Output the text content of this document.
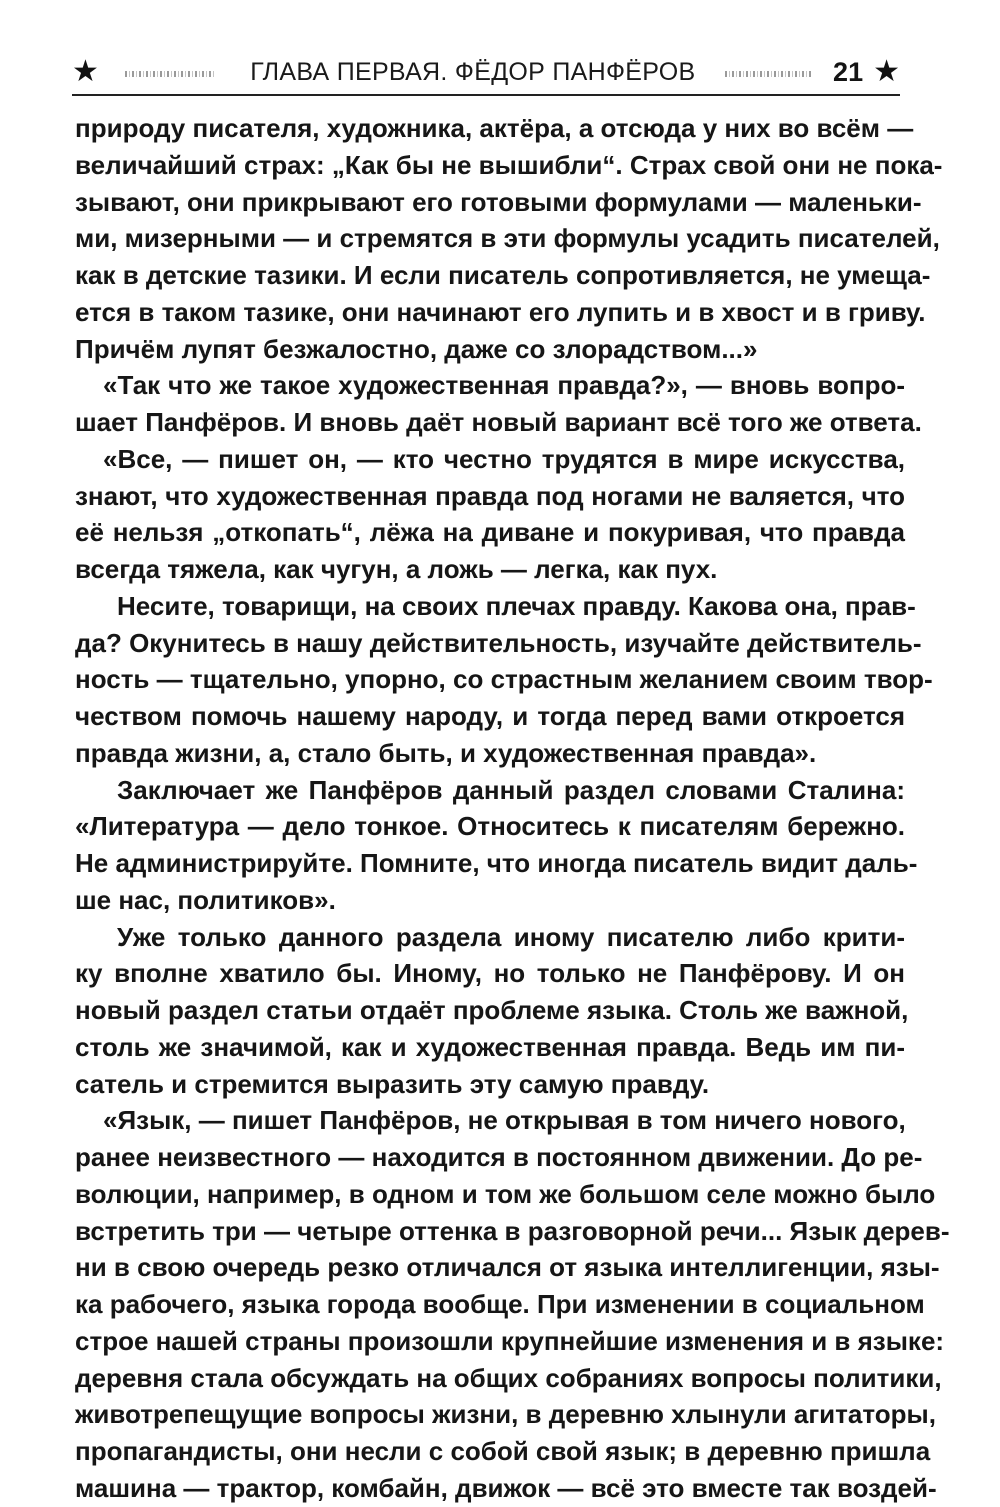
★	ГЛАВА ПЕРВАЯ. ФЁДОР ПАНФЁРОВ	21 ★
природу писателя, художника, актёра, а отсюда у них во всём —
величайший страх: „Как бы не вышибли“. Страх свой они не пока-
зывают, они прикрывают его готовыми формулами — маленьки-
ми, мизерными — и стремятся в эти формулы усадить писателей,
как в детские тазики. И если писатель сопротивляется, не умеща-
ется в таком тазике, они начинают его лупить и в хвост и в гриву.
Причём лупят безжалостно, даже со злорадством...»
«Так что же такое художественная правда?», — вновь вопро-
шает Панфёров. И вновь даёт новый вариант всё того же ответа.
«Все, — пишет он, — кто честно трудятся в мире искусства,
знают, что художественная правда под ногами не валяется, что
её нельзя „откопать“, лёжа на диване и покуривая, что правда
всегда тяжела, как чугун, а ложь — легка, как пух.
Несите, товарищи, на своих плечах правду. Какова она, прав-
да? Окунитесь в нашу действительность, изучайте действитель-
ность — тщательно, упорно, со страстным желанием своим твор-
чеством помочь нашему народу, и тогда перед вами откроется
правда жизни, а, стало быть, и художественная правда».
Заключает же Панфёров данный раздел словами Сталина:
«Литература — дело тонкое. Относитесь к писателям бережно.
Не администрируйте. Помните, что иногда писатель видит даль-
ше нас, политиков».
Уже только данного раздела иному писателю либо крити-
ку вполне хватило бы. Иному, но только не Панфёрову. И он
новый раздел статьи отдаёт проблеме языка. Столь же важной,
столь же значимой, как и художественная правда. Ведь им пи-
сатель и стремится выразить эту самую правду.
«Язык, — пишет Панфёров, не открывая в том ничего нового,
ранее неизвестного — находится в постоянном движении. До ре-
волюции, например, в одном и том же большом селе можно было
встретить три — четыре оттенка в разговорной речи... Язык дерев-
ни в свою очередь резко отличался от языка интеллигенции, язы-
ка рабочего, языка города вообще. При изменении в социальном
строе нашей страны произошли крупнейшие изменения и в языке:
деревня стала обсуждать на общих собраниях вопросы политики,
животрепещущие вопросы жизни, в деревню хлынули агитаторы,
пропагандисты, они несли с собой свой язык; в деревню пришла
машина — трактор, комбайн, движок — всё это вместе так воздей-
